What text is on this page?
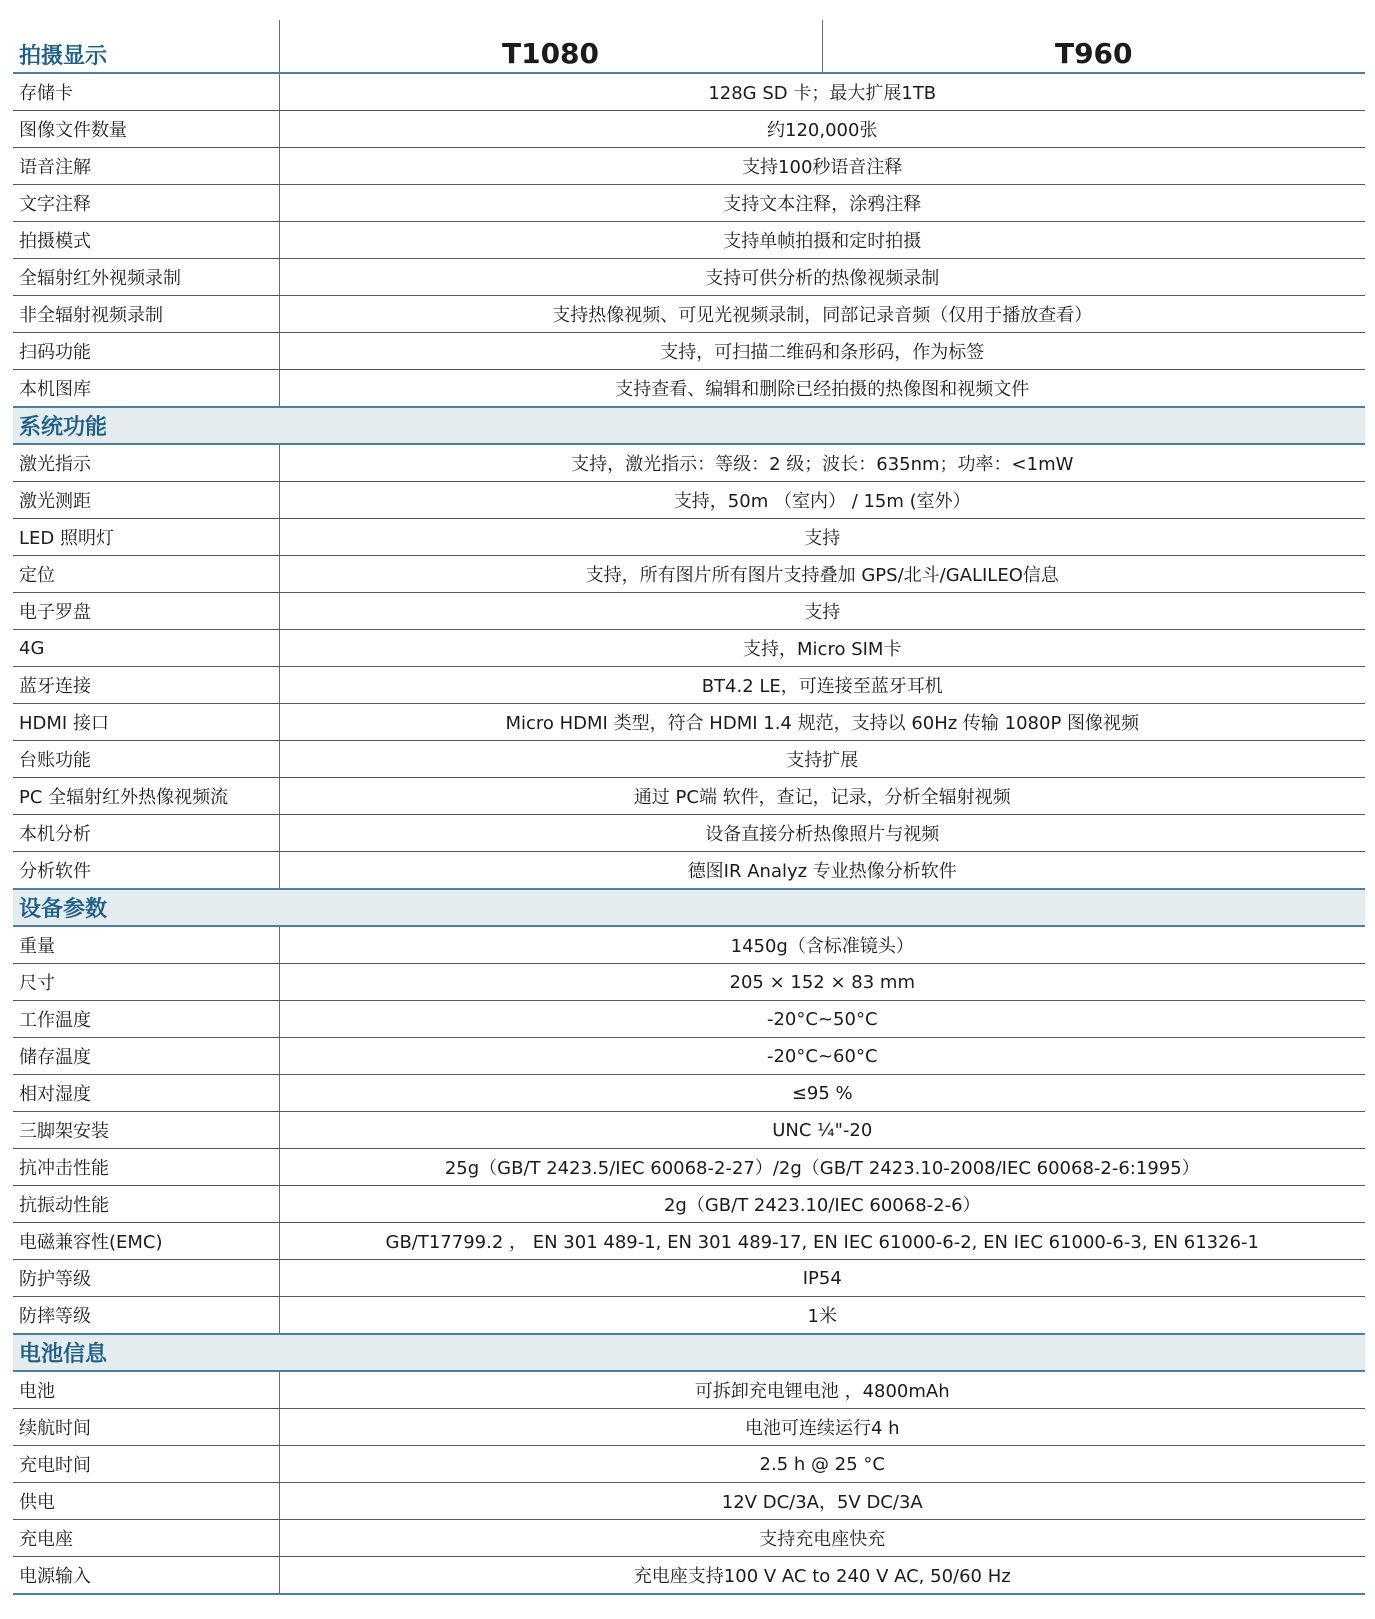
拍摄显示	T1080	T960
存储卡	128G SD 卡；最大扩展1TB	
图像文件数量	约120,000张	
语音注解	支持100秒语音注释	
文字注释	支持文本注释，涂鸦注释	
拍摄模式	支持单帧拍摄和定时拍摄	
全辐射红外视频录制	支持可供分析的热像视频录制	
非全辐射视频录制	支持热像视频、可见光视频录制，同部记录音频（仅用于播放查看）	
扫码功能	支持，可扫描二维码和条形码，作为标签	
本机图库	支持查看、编辑和删除已经拍摄的热像图和视频文件	
系统功能		
激光指示	支持，激光指示：等级：2 级；波长：635nm；功率：<1mW	
激光测距	支持，50m （室内） / 15m (室外）	
LED 照明灯	支持	
定位	支持，所有图片所有图片支持叠加 GPS/北斗/GALILEO信息	
电子罗盘	支持	
4G	支持，Micro SIM卡	
蓝牙连接	BT4.2 LE，可连接至蓝牙耳机	
HDMI 接口	Micro HDMI 类型，符合 HDMI 1.4 规范，支持以 60Hz 传输 1080P 图像视频	
台账功能	支持扩展	
PC 全辐射红外热像视频流	通过 PC端 软件，查记，记录，分析全辐射视频	
本机分析	设备直接分析热像照片与视频	
分析软件	德图IR Analyz 专业热像分析软件	
设备参数		
重量	1450g（含标准镜头）	
尺寸	205 × 152 × 83 mm	
工作温度	-20°C~50°C	
储存温度	-20°C~60°C	
相对湿度	≤95 %	
三脚架安装	UNC ¼"-20	
抗冲击性能	25g（GB/T 2423.5/IEC 60068-2-27）/2g（GB/T 2423.10-2008/IEC 60068-2-6:1995）	
抗振动性能	2g（GB/T 2423.10/IEC 60068-2-6）	
电磁兼容性(EMC)	GB/T17799.2 ， EN 301 489-1, EN 301 489-17, EN IEC 61000-6-2, EN IEC 61000-6-3, EN 61326-1	
防护等级	IP54	
防摔等级	1米	
电池信息		
电池	可拆卸充电锂电池 ，4800mAh	
续航时间	电池可连续运行4 h	
充电时间	2.5 h @ 25 °C	
供电	12V DC/3A，5V DC/3A	
充电座	支持充电座快充	
电源输入	充电座支持100 V AC to 240 V AC, 50/60 Hz	
